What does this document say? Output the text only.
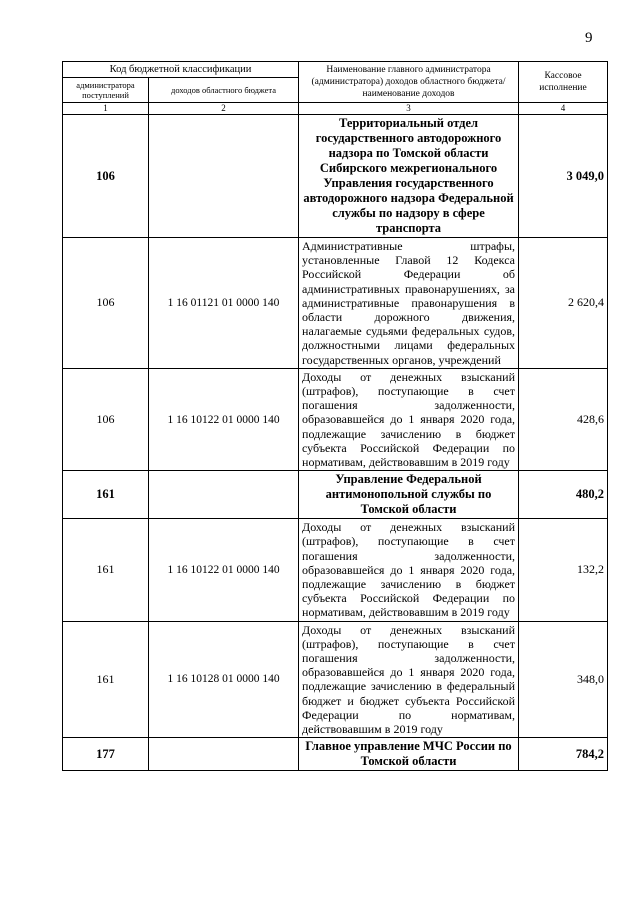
9
Код бюджетной классификации		Наименование главного администратора (администратора) доходов областного бюджета/ наименование доходов	Кассовое исполнение
администратора поступлений	доходов областного бюджета		
1	2	3	4
106		Территориальный отдел государственного автодорожного надзора по Томской области Сибирского межрегионального Управления государственного автодорожного надзора Федеральной службы по надзору в сфере транспорта	3 049,0
106	1 16 01121 01 0000 140	Административные штрафы, установленные Главой 12 Кодекса Российской Федерации об административных правонарушениях, за административные правонарушения в области дорожного движения, налагаемые судьями федеральных судов, должностными лицами федеральных государственных органов, учреждений	2 620,4
106	1 16 10122 01 0000 140	Доходы от денежных взысканий (штрафов), поступающие в счет погашения задолженности, образовавшейся до 1 января 2020 года, подлежащие зачислению в бюджет субъекта Российской Федерации по нормативам, действовавшим в 2019 году	428,6
161		Управление Федеральной антимонопольной службы по Томской области	480,2
161	1 16 10122 01 0000 140	Доходы от денежных взысканий (штрафов), поступающие в счет погашения задолженности, образовавшейся до 1 января 2020 года, подлежащие зачислению в бюджет субъекта Российской Федерации по нормативам, действовавшим в 2019 году	132,2
161	1 16 10128 01 0000 140	Доходы от денежных взысканий (штрафов), поступающие в счет погашения задолженности, образовавшейся до 1 января 2020 года, подлежащие зачислению в федеральный бюджет и бюджет субъекта Российской Федерации по нормативам, действовавшим в 2019 году	348,0
177		Главное управление МЧС России по Томской области	784,2
